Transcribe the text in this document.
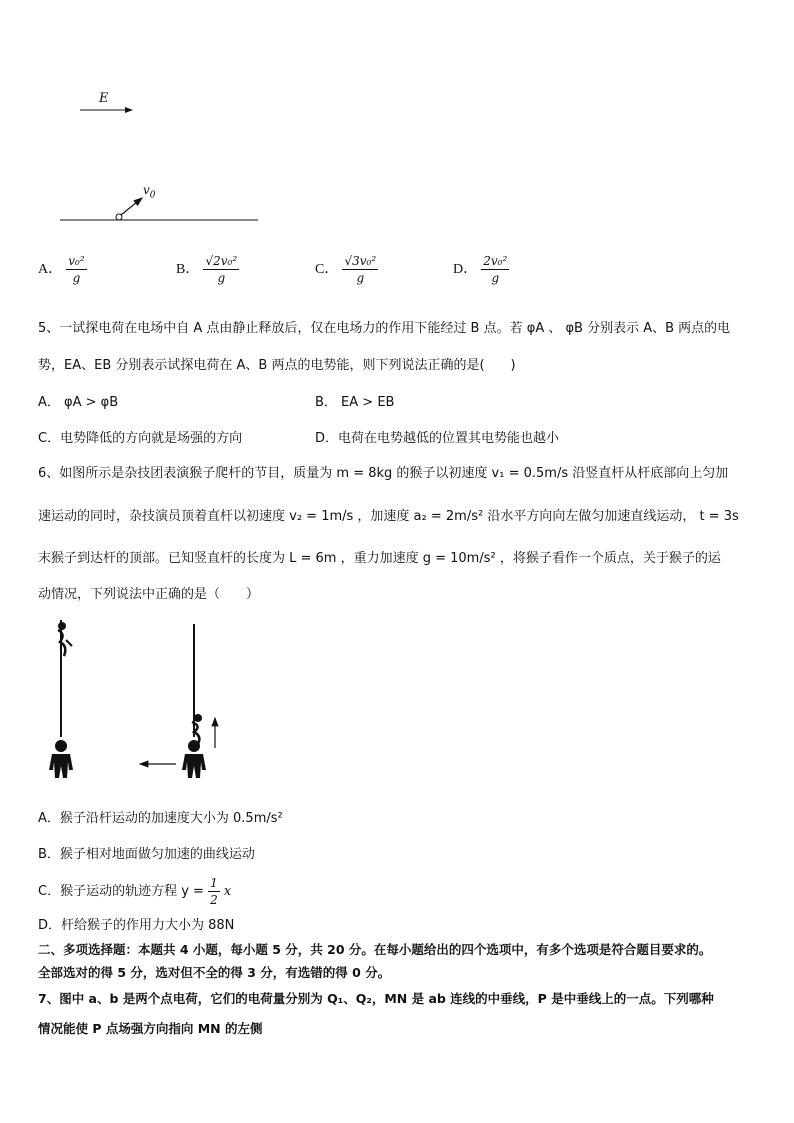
E
$v_0$
A． $\frac{\text{v₀²}}{g}$	B． $\frac{\text{√2v₀²}}{g}$	C． $\frac{\text{√3v₀²}}{g}$	D． $\frac{\text{2v₀²}}{g}$
5、一试探电荷在电场中自 A 点由静止释放后，仅在电场力的作用下能经过 B 点。若 φA 、 φB 分别表示 A、B 两点的电
势，EA、EB 分别表示试探电荷在 A、B 两点的电势能，则下列说法正确的是(　　)
A． φA > φB	B． EA > EB
C．电势降低的方向就是场强的方向	D．电荷在电势越低的位置其电势能也越小
6、如图所示是杂技团表演猴子爬杆的节目，质量为 m = 8kg 的猴子以初速度 v₁ = 0.5m/s 沿竖直杆从杆底部向上匀加
速运动的同时，杂技演员顶着直杆以初速度 v₂ = 1m/s ，加速度 a₂ = 2m/s² 沿水平方向向左做匀加速直线运动， t = 3s
末猴子到达杆的顶部。已知竖直杆的长度为 L = 6m ，重力加速度 g = 10m/s² ，将猴子看作一个质点，关于猴子的运
动情况，下列说法中正确的是（　　）
A．猴子沿杆运动的加速度大小为 0.5m/s²
B．猴子相对地面做匀加速的曲线运动
C．猴子运动的轨迹方程 $y = \frac{1}{2}$ x
D．杆给猴子的作用力大小为 88N
二、多项选择题：本题共 4 小题，每小题 5 分，共 20 分。在每小题给出的四个选项中，有多个选项是符合题目要求的。
全部选对的得 5 分，选对但不全的得 3 分，有选错的得 0 分。
7、图中 a、b 是两个点电荷，它们的电荷量分别为 Q₁、Q₂，MN 是 ab 连线的中垂线，P 是中垂线上的一点。下列哪种
情况能使 P 点场强方向指向 MN 的左侧
